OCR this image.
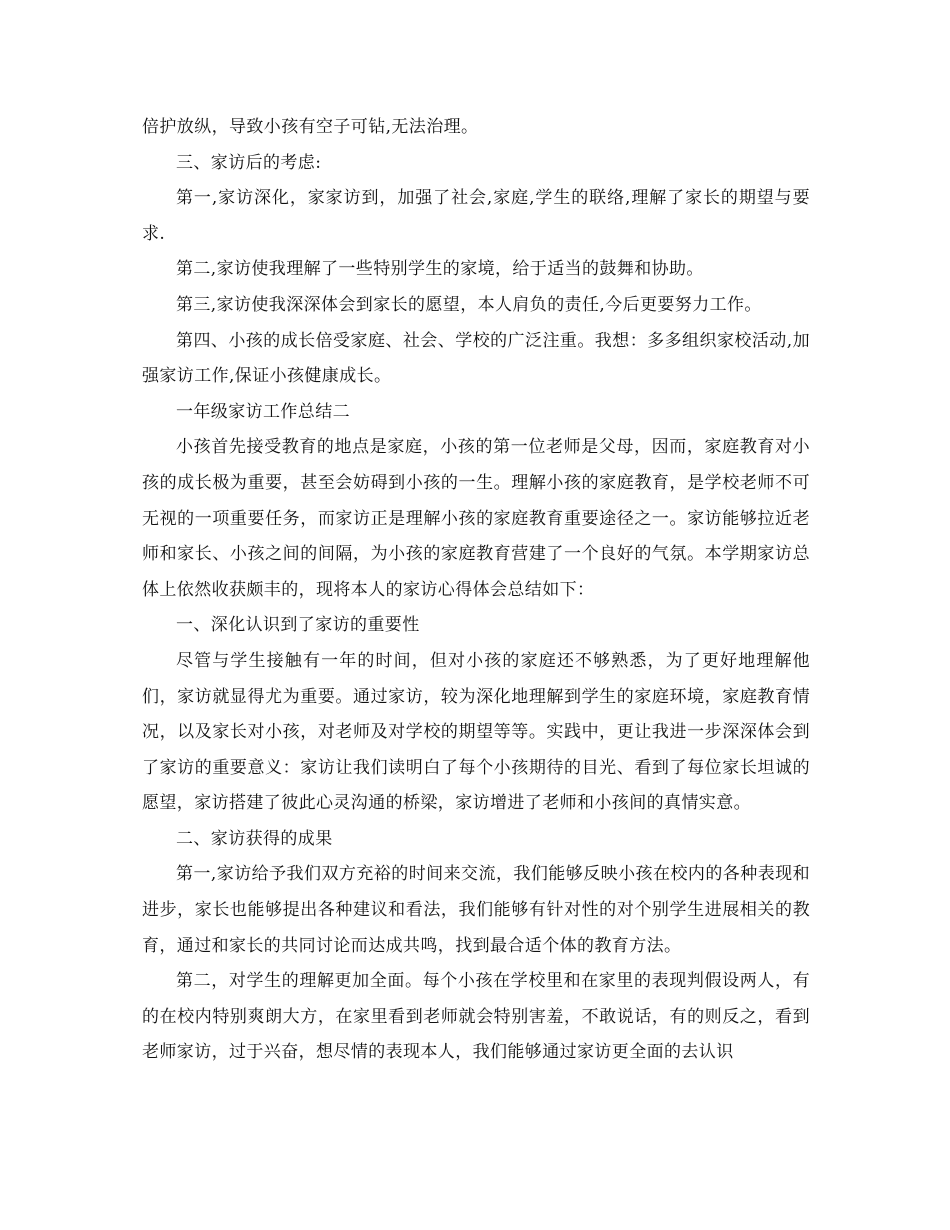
倍护放纵，导致小孩有空子可钻,无法治理。

三、家访后的考虑:

第一,家访深化，家家访到，加强了社会,家庭,学生的联络,理解了家长的期望与要求.

第二,家访使我理解了一些特别学生的家境，给于适当的鼓舞和协助。

第三,家访使我深深体会到家长的愿望，本人肩负的责任,今后更要努力工作。

第四、小孩的成长倍受家庭、社会、学校的广泛注重。我想：多多组织家校活动,加强家访工作,保证小孩健康成长。

一年级家访工作总结二

小孩首先接受教育的地点是家庭，小孩的第一位老师是父母，因而，家庭教育对小孩的成长极为重要，甚至会妨碍到小孩的一生。理解小孩的家庭教育，是学校老师不可无视的一项重要任务，而家访正是理解小孩的家庭教育重要途径之一。家访能够拉近老师和家长、小孩之间的间隔，为小孩的家庭教育营建了一个良好的气氛。本学期家访总体上依然收获颇丰的，现将本人的家访心得体会总结如下：

一、深化认识到了家访的重要性

尽管与学生接触有一年的时间，但对小孩的家庭还不够熟悉，为了更好地理解他们，家访就显得尤为重要。通过家访，较为深化地理解到学生的家庭环境，家庭教育情况，以及家长对小孩，对老师及对学校的期望等等。实践中，更让我进一步深深体会到了家访的重要意义：家访让我们读明白了每个小孩期待的目光、看到了每位家长坦诚的愿望，家访搭建了彼此心灵沟通的桥梁，家访增进了老师和小孩间的真情实意。

二、家访获得的成果

第一,家访给予我们双方充裕的时间来交流，我们能够反映小孩在校内的各种表现和进步，家长也能够提出各种建议和看法，我们能够有针对性的对个别学生进展相关的教育，通过和家长的共同讨论而达成共鸣，找到最合适个体的教育方法。

第二，对学生的理解更加全面。每个小孩在学校里和在家里的表现判假设两人，有的在校内特别爽朗大方，在家里看到老师就会特别害羞，不敢说话，有的则反之，看到老师家访，过于兴奋，想尽情的表现本人，我们能够通过家访更全面的去认识
